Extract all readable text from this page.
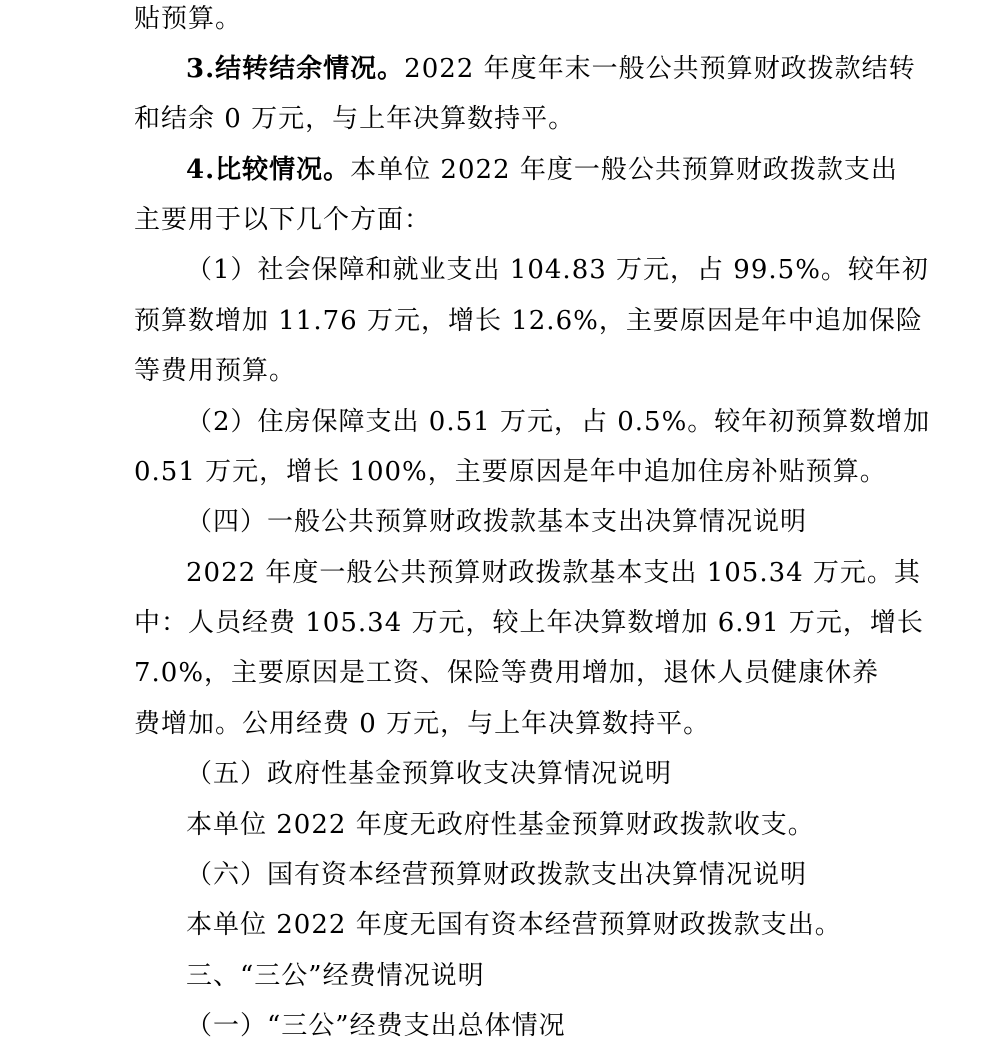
贴预算。
3.结转结余情况。2022 年度年末一般公共预算财政拨款结转
和结余 0 万元，与上年决算数持平。
4.比较情况。本单位 2022 年度一般公共预算财政拨款支出
主要用于以下几个方面：
（1）社会保障和就业支出 104.83 万元，占 99.5%。较年初
预算数增加 11.76 万元，增长 12.6%，主要原因是年中追加保险
等费用预算。
（2）住房保障支出 0.51 万元，占 0.5%。较年初预算数增加
0.51 万元，增长 100%，主要原因是年中追加住房补贴预算。
（四）一般公共预算财政拨款基本支出决算情况说明
2022 年度一般公共预算财政拨款基本支出 105.34 万元。其
中：人员经费 105.34 万元，较上年决算数增加 6.91 万元，增长
7.0%，主要原因是工资、保险等费用增加，退休人员健康休养
费增加。公用经费 0 万元，与上年决算数持平。
（五）政府性基金预算收支决算情况说明
本单位 2022 年度无政府性基金预算财政拨款收支。
（六）国有资本经营预算财政拨款支出决算情况说明
本单位 2022 年度无国有资本经营预算财政拨款支出。
三、“三公”经费情况说明
（一）“三公”经费支出总体情况
